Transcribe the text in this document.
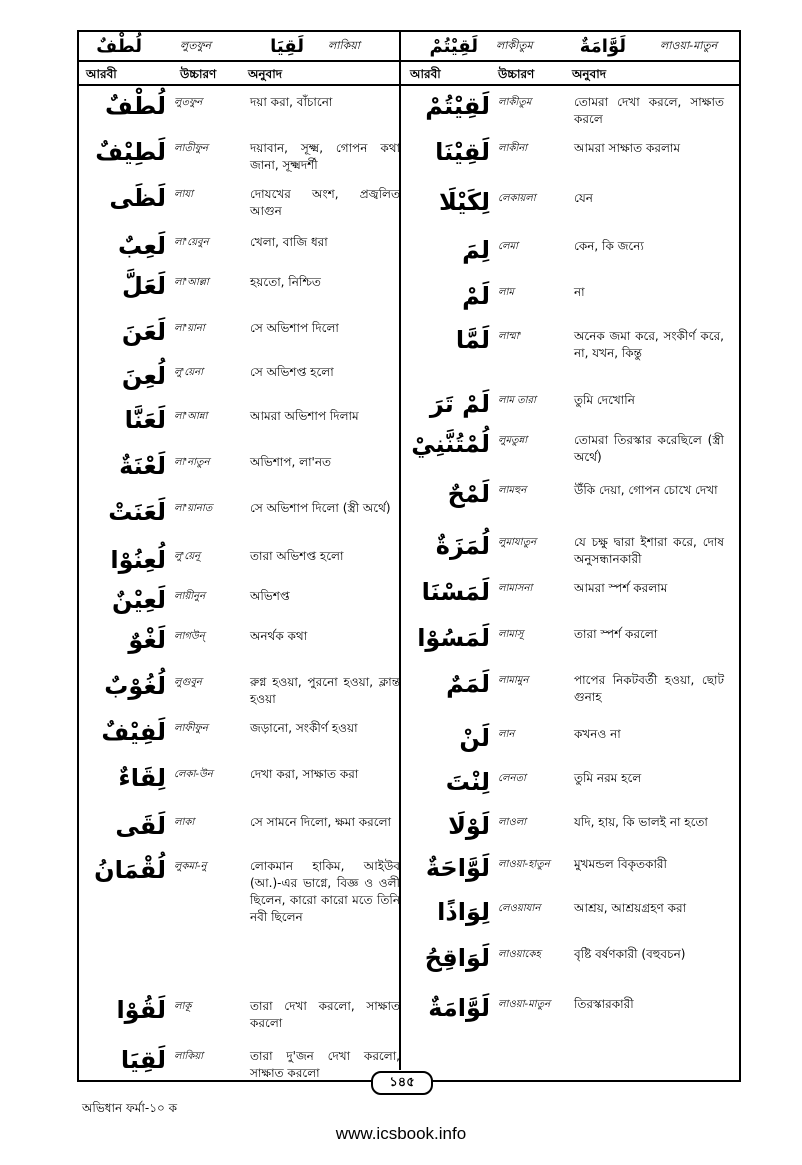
لُطْفٌ	লুতফুন	لَقِيَا লাকিয়া	لَقِيْتُمْ লাকীতুম	لَوَّامَةٌ	লাওয়া-মাতুন
আরবী	উচ্চারণ	অনুবাদ	আরবী	উচ্চারণ	অনুবাদ
لُطْفٌ লুতফুন	দয়া করা, বাঁচানো
لَطِيْفٌ লাতীফুন	দয়াবান, সূক্ষ্ম, গোপন কথা জানা, সূক্ষ্মদর্শী
لَظَى লাযা	দোযখের অংশ, প্রজ্বলিত আগুন
لَعِبٌ লা'য়েবুন	খেলা, বাজি ধরা
لَعَلَّ লা'আল্লা	হয়তো, নিশ্চিত
لَعَنَ লা'য়ানা	সে অভিশাপ দিলো
لُعِنَ লু'য়েনা	সে অভিশপ্ত হলো
لَعَنَّا লা'আন্না	আমরা অভিশাপ দিলাম
لَعْنَةٌ লা'নাতুন	অভিশাপ, লা'নত
لَعَنَتْ লা'য়ানাত	সে অভিশাপ দিলো (স্ত্রী অর্থে)
لُعِنُوْا লু'য়েনূ	তারা অভিশপ্ত হলো
لَعِيْنٌ লায়ীনুন	অভিশপ্ত
لَغْوٌ লাগউন্	অনর্থক কথা
لُغُوْبٌ লুগুবুন	রুগ্ন হওয়া, পুরনো হওয়া, ক্লান্ত হওয়া
لَفِيْفٌ লাফীফুন	জড়ানো, সংকীর্ণ হওয়া
لِقَاءٌ লেকা-উন	দেখা করা, সাক্ষাত করা
لَقَى লাকা	সে সামনে দিলো, ক্ষমা করলো
لُقْمَانُ লুকমা-নু	লোকমান হাকিম, আইউব (আ.)-এর ভাগ্নে, বিজ্ঞ ও ওলী ছিলেন, কারো কারো মতে তিনি নবী ছিলেন
لَقُوْا লাকূ	তারা দেখা করলো, সাক্ষাত করলো
لَقِيَا লাকিয়া	তারা দু'জন দেখা করলো, সাক্ষাত করলো
لَقِيْتُمْ লাকীতুম	তোমরা দেখা করলে, সাক্ষাত করলে
لَقِيْنَا লাকীনা	আমরা সাক্ষাত করলাম
لِكَيْلَا লেকায়লা	যেন
لِمَ লেমা	কেন, কি জন্যে
لَمْ লাম	না
لَمَّا লাম্মা'	অনেক জমা করে, সংকীর্ণ করে, না, যখন, কিন্তু
لَمْ تَرَ লাম তারা	তুমি দেখোনি
لُمْتُنَّنِيْ লুমতুন্না	তোমরা তিরস্কার করেছিলে (স্ত্রী অর্থে)
لَمْحٌ লামহুন	উঁকি দেয়া, গোপন চোখে দেখা
لُمَزَةٌ লুমাযাতুন	যে চক্ষু দ্বারা ইশারা করে, দোষ অনুসন্ধানকারী
لَمَسْنَا লামাসনা	আমরা স্পর্শ করলাম
لَمَسُوْا লামাসূ	তারা স্পর্শ করলো
لَمَمٌ লামামুন	পাপের নিকটবর্তী হওয়া, ছোট গুনাহ
لَنْ লান	কখনও না
لِنْتَ লেনতা	তুমি নরম হলে
لَوْلَا লাওলা	যদি, হায়, কি ভালই না হতো
لَوَّاحَةٌ লাওয়া-হাতুন	মুখমন্ডল বিকৃতকারী
لِوَاذًا লেওয়াযান	আশ্রয়, আশ্রয়গ্রহণ করা
لَوَاقِحُ লাওয়াকেহ	বৃষ্টি বর্ষণকারী (বহুবচন)
لَوَّامَةٌ লাওয়া-মাতুন	তিরস্কারকারী
১৪৫
অভিধান ফর্মা-১০ ক
www.icsbook.info
